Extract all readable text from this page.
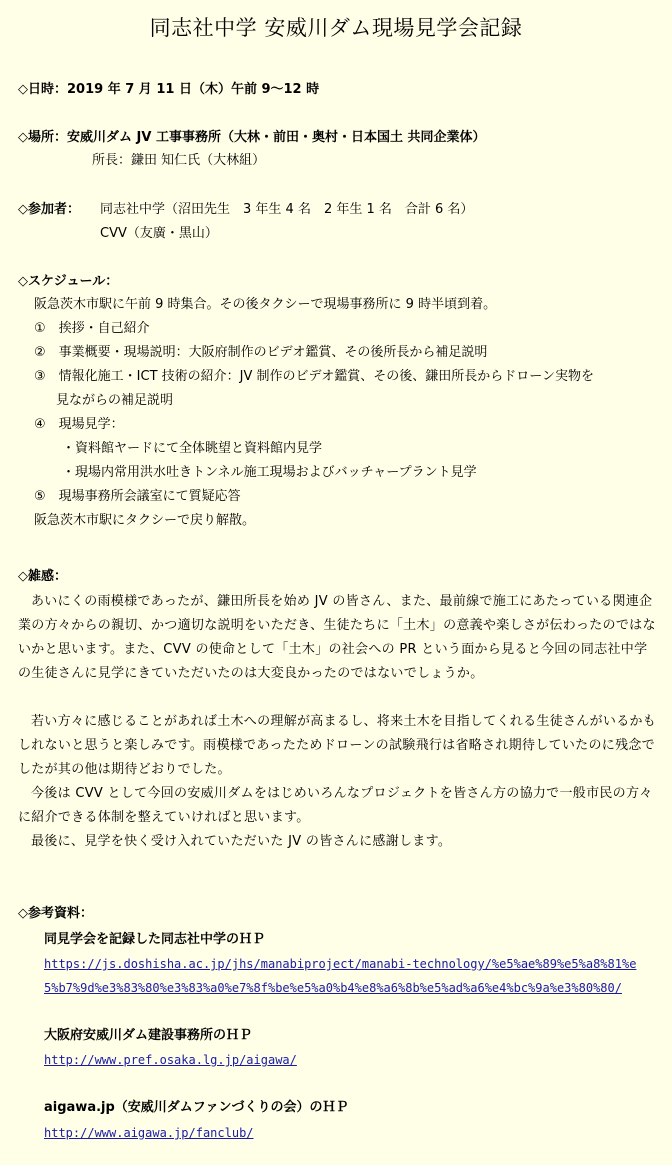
同志社中学 安威川ダム現場見学会記録
◇日時：2019 年 7 月 11 日（木）午前 9～12 時
◇場所：安威川ダム JV 工事事務所（大林・前田・奥村・日本国土 共同企業体）
所長：鎌田 知仁氏（大林組）
◇参加者： 同志社中学（沼田先生　3 年生 4 名　2 年生 1 名　合計 6 名）
CVV（友廣・黒山）
◇スケジュール：
阪急茨木市駅に午前 9 時集合。その後タクシーで現場事務所に 9 時半頃到着。
①　挨拶・自己紹介
②　事業概要・現場説明：大阪府制作のビデオ鑑賞、その後所長から補足説明
③　情報化施工・ICT 技術の紹介：JV 制作のビデオ鑑賞、その後、鎌田所長からドローン実物を
見ながらの補足説明
④　現場見学：
・資料館ヤードにて全体眺望と資料館内見学
・現場内常用洪水吐きトンネル施工現場およびバッチャープラント見学
⑤　現場事務所会議室にて質疑応答
阪急茨木市駅にタクシーで戻り解散。
◇雑感：
あいにくの雨模様であったが、鎌田所長を始め JV の皆さん、また、最前線で施工にあたっている関連企業の方々からの親切、かつ適切な説明をいただき、生徒たちに「土木」の意義や楽しさが伝わったのではないかと思います。また、CVV の使命として「土木」の社会への PR という面から見ると今回の同志社中学の生徒さんに見学にきていただいたのは大変良かったのではないでしょうか。
若い方々に感じることがあれば土木への理解が高まるし、将来土木を目指してくれる生徒さんがいるかもしれないと思うと楽しみです。雨模様であったためドローンの試験飛行は省略され期待していたのに残念でしたが其の他は期待どおりでした。
今後は CVV として今回の安威川ダムをはじめいろんなプロジェクトを皆さん方の協力で一般市民の方々に紹介できる体制を整えていければと思います。
最後に、見学を快く受け入れていただいた JV の皆さんに感謝します。
◇参考資料：
同見学会を記録した同志社中学のＨＰ
https://js.doshisha.ac.jp/jhs/manabiproject/manabi-technology/%e5%ae%89%e5%a8%81%e
5%b7%9d%e3%83%80%e3%83%a0%e7%8f%be%e5%a0%b4%e8%a6%8b%e5%ad%a6%e4%bc%9a%e3%80%80/
大阪府安威川ダム建設事務所のＨＰ
http://www.pref.osaka.lg.jp/aigawa/
aigawa.jp（安威川ダムファンづくりの会）のＨＰ
http://www.aigawa.jp/fanclub/
